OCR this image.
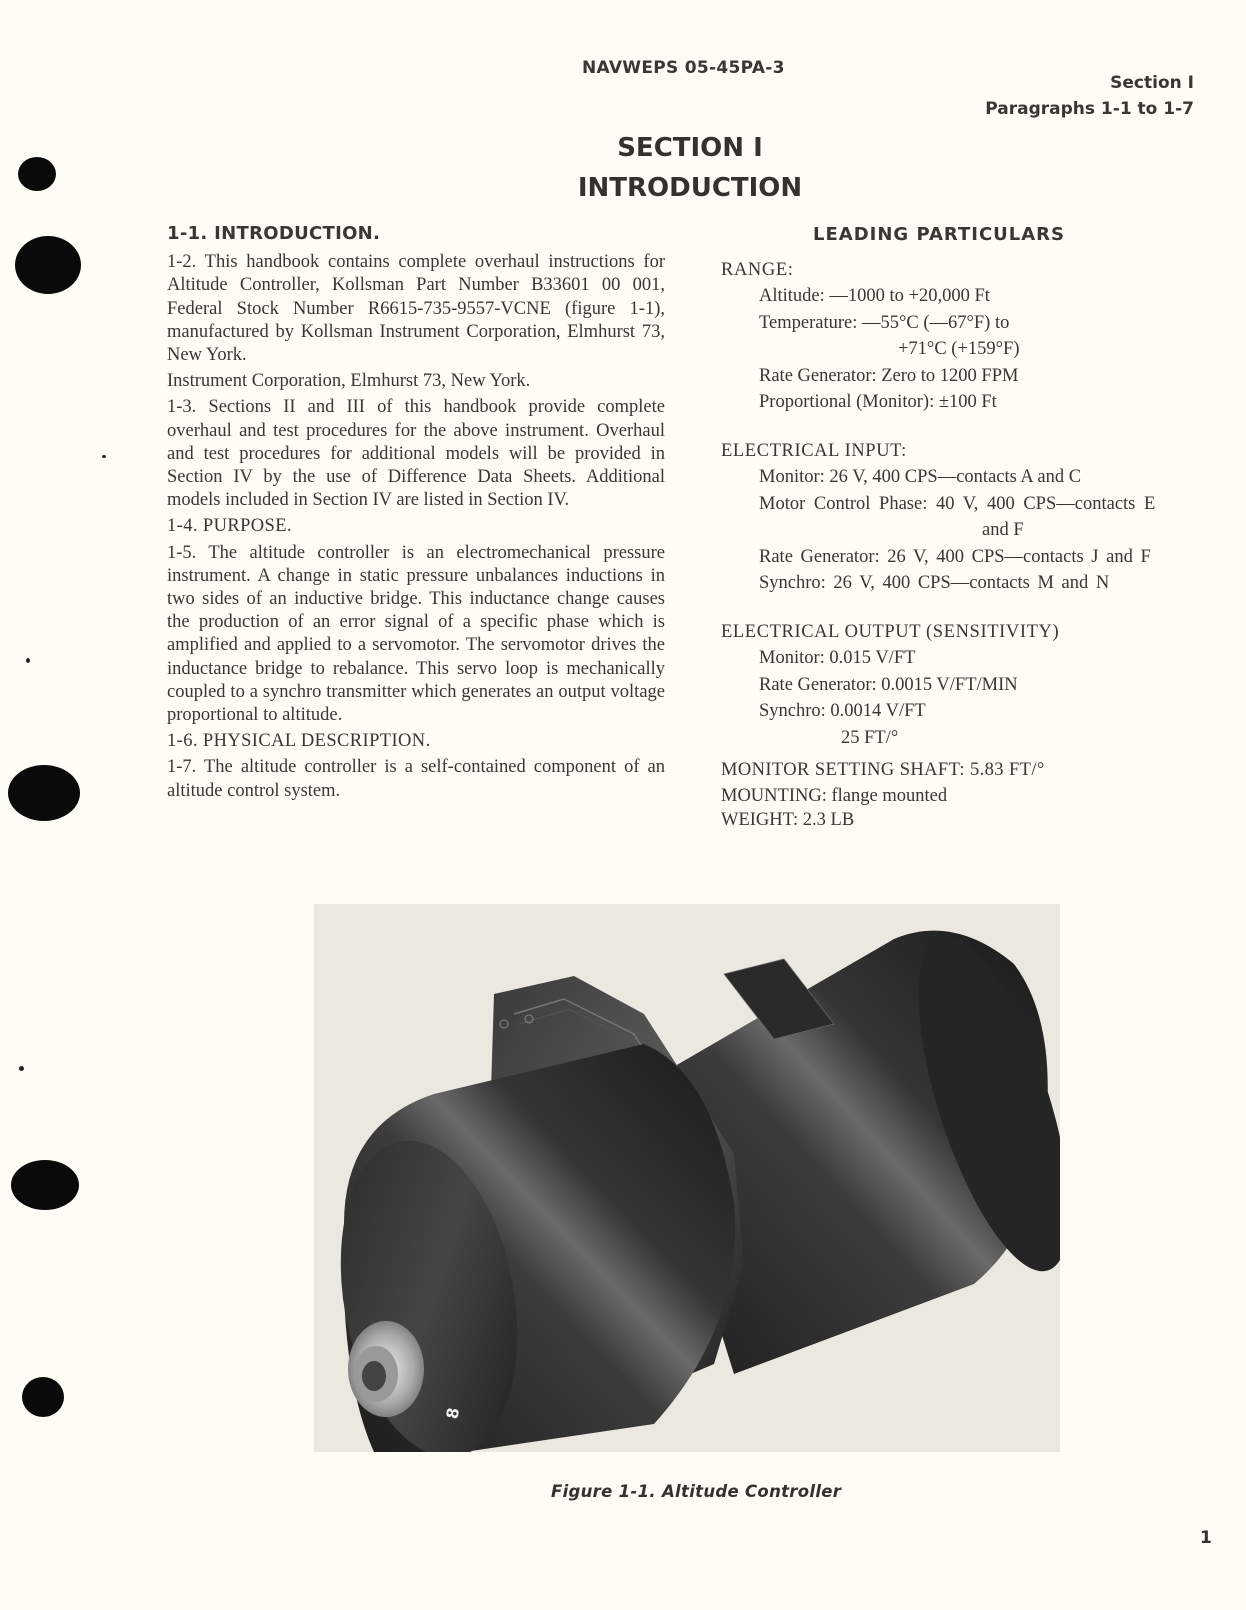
NAVWEPS 05-45PA-3
Section I
Paragraphs 1-1 to 1-7
SECTION I
INTRODUCTION
1-1. INTRODUCTION.

1-2. This handbook contains complete overhaul instructions for Altitude Controller, Kollsman Part Number B33601 00 001, Federal Stock Number R6615-735-9557-VCNE (figure 1-1), manufactured by Kollsman Instrument Corporation, Elmhurst 73, New York.

Instrument Corporation, Elmhurst 73, New York.

1-3. Sections II and III of this handbook provide complete overhaul and test procedures for the above instrument. Overhaul and test procedures for additional models will be provided in Section IV by the use of Difference Data Sheets. Additional models included in Section IV are listed in Section IV.

1-4. PURPOSE.

1-5. The altitude controller is an electromechanical pressure instrument. A change in static pressure unbalances inductions in two sides of an inductive bridge. This inductance change causes the production of an error signal of a specific phase which is amplified and applied to a servomotor. The servomotor drives the inductance bridge to rebalance. This servo loop is mechanically coupled to a synchro transmitter which generates an output voltage proportional to altitude.

1-6. PHYSICAL DESCRIPTION.

1-7. The altitude controller is a self-contained component of an altitude control system.

LEADING PARTICULARS
RANGE:
Altitude: —1000 to +20,000 Ft
Temperature: —55°C (—67°F) to
+71°C (+159°F)
Rate Generator: Zero to 1200 FPM
Proportional (Monitor): ±100 Ft
ELECTRICAL INPUT:
Monitor: 26 V, 400 CPS—contacts A and C
Motor Control Phase: 40 V, 400 CPS—contacts E
and F
Rate Generator: 26 V, 400 CPS—contacts J and F
Synchro: 26 V, 400 CPS—contacts M and N
ELECTRICAL OUTPUT (SENSITIVITY)
Monitor: 0.015 V/FT
Rate Generator: 0.0015 V/FT/MIN
Synchro: 0.0014 V/FT
25 FT/°
MONITOR SETTING SHAFT: 5.83 FT/°
MOUNTING: flange mounted
WEIGHT: 2.3 LB
8
Figure 1-1. Altitude Controller
1
